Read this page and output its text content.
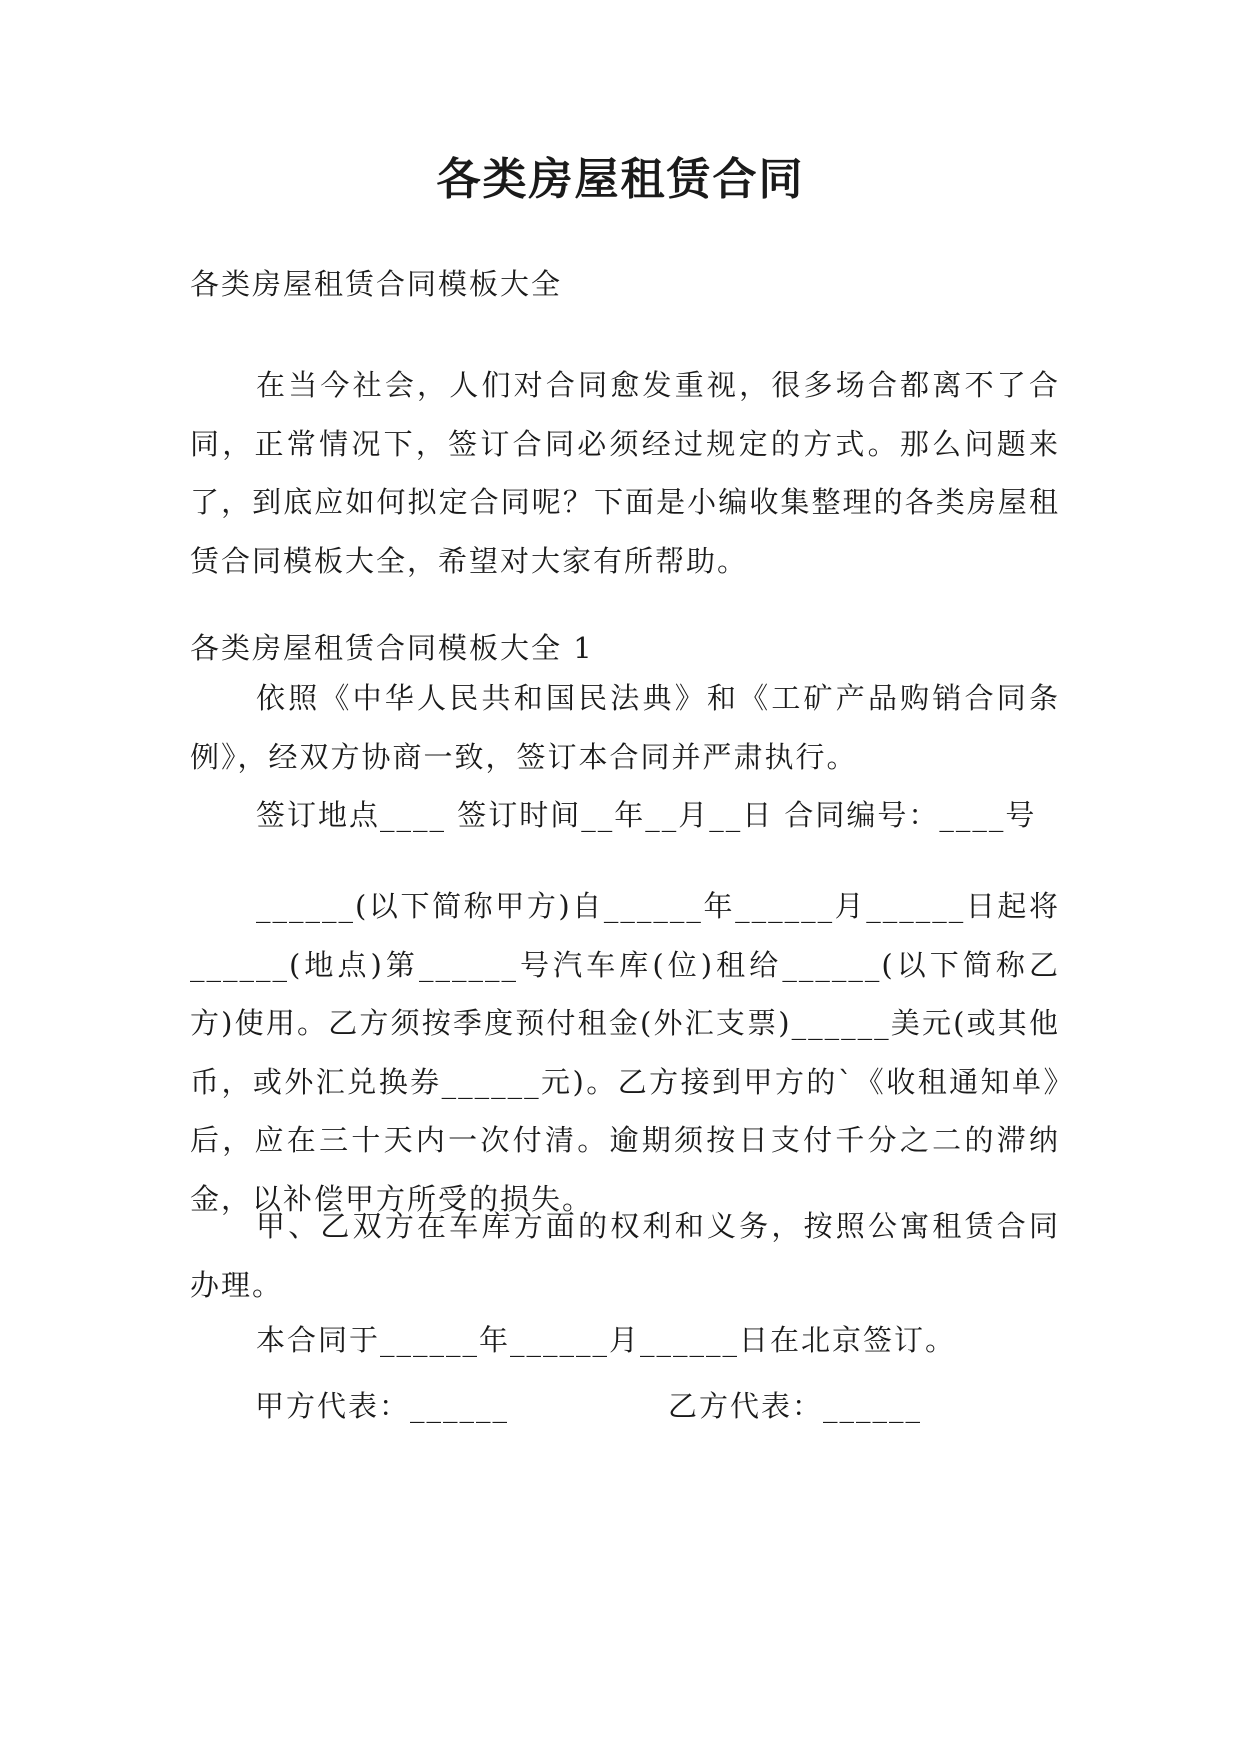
各类房屋租赁合同
各类房屋租赁合同模板大全

在当今社会，人们对合同愈发重视，很多场合都离不了合同，正常情况下，签订合同必须经过规定的方式。那么问题来了，到底应如何拟定合同呢？下面是小编收集整理的各类房屋租赁合同模板大全，希望对大家有所帮助。

各类房屋租赁合同模板大全 1

依照《中华人民共和国民法典》和《工矿产品购销合同条例》，经双方协商一致，签订本合同并严肃执行。

签订地点____ 签订时间__年__月__日 合同编号：____号

______(以下简称甲方)自______年______月______日起将______(地点)第______号汽车库(位)租给______(以下简称乙方)使用。乙方须按季度预付租金(外汇支票)______美元(或其他币，或外汇兑换券______元)。乙方接到甲方的`《收租通知单》后，应在三十天内一次付清。逾期须按日支付千分之二的滞纳金，以补偿甲方所受的损失。

甲、乙双方在车库方面的权利和义务，按照公寓租赁合同办理。

本合同于______年______月______日在北京签订。

甲方代表：______	乙方代表：______
